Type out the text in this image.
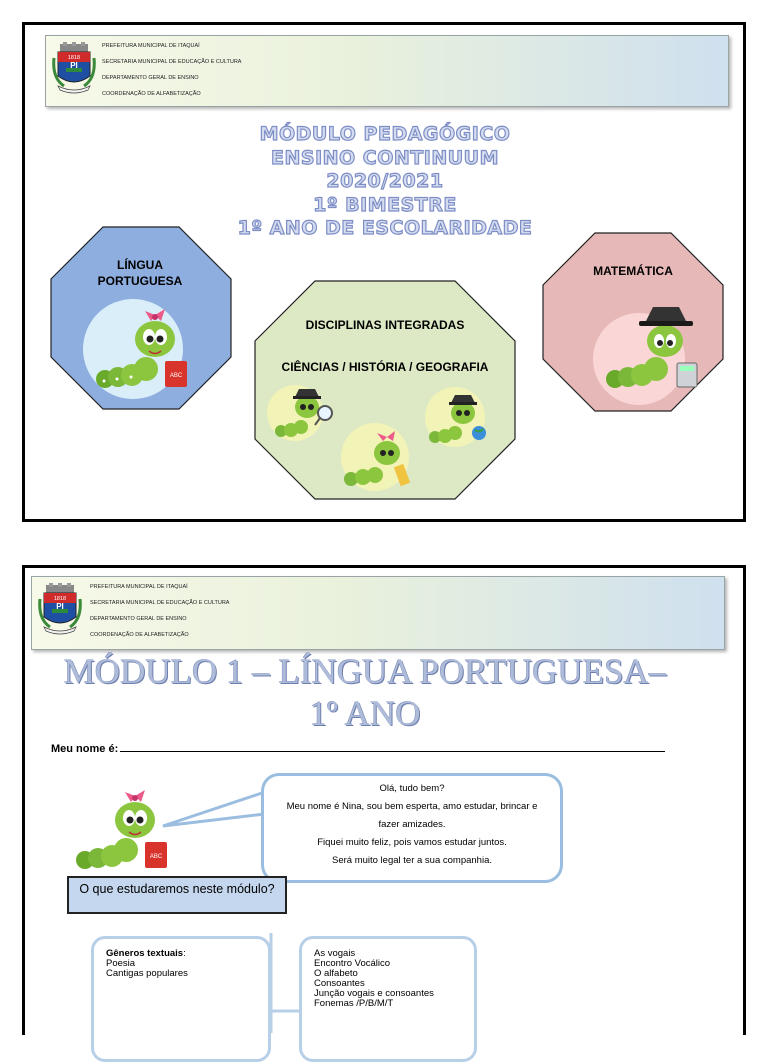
1818
PI
PREFEITURA MUNICIPAL DE ITAQUAÍ
SECRETARIA MUNICIPAL DE EDUCAÇÃO E CULTURA
DEPARTAMENTO GERAL DE ENSINO
COORDENAÇÃO DE ALFABETIZAÇÃO
LÍNGUA
PORTUGUESA
ABC
DISCIPLINAS INTEGRADAS
CIÊNCIAS / HISTÓRIA / GEOGRAFIA
MATEMÁTICA
MÓDULO PEDAGÓGICO
ENSINO CONTINUUM
2020/2021
1º BIMESTRE
1º ANO DE ESCOLARIDADE
1818
PI
PREFEITURA MUNICIPAL DE ITAQUAÍ
SECRETARIA MUNICIPAL DE EDUCAÇÃO E CULTURA
DEPARTAMENTO GERAL DE ENSINO
COORDENAÇÃO DE ALFABETIZAÇÃO
MÓDULO 1 – LÍNGUA PORTUGUESA–
1º ANO
Meu nome é:
ABC
Olá, tudo bem?
Meu nome é Nina, sou bem esperta, amo estudar, brincar e
fazer amizades.
Fiquei muito feliz, pois vamos estudar juntos.
Será muito legal ter a sua companhia.
O que estudaremos neste módulo?
Gêneros textuais:
Poesia
Cantigas populares
As vogais
Encontro Vocálico
O alfabeto
Consoantes
Junção vogais e consoantes
Fonemas /P/B/M/T
